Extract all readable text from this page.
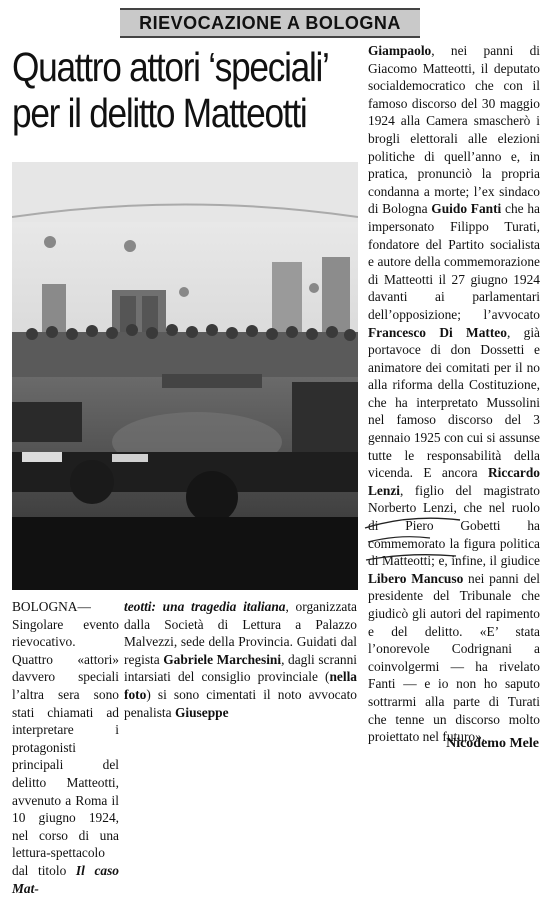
RIEVOCAZIONE A BOLOGNA
Quattro attori ‘speciali’
per il delitto Matteotti

BOLOGNA— Singolare evento rievocativo. Quattro «attori» davvero speciali l’altra sera sono stati chiamati ad interpretare i protagonisti principali del delitto Matteotti, avvenuto a Roma il 10 giugno 1924, nel corso di una lettura-spettacolo dal titolo Il caso Mat-

teotti: una tragedia italiana, organizzata dalla Società di Lettura a Palazzo Malvezzi, sede della Provincia. Guidati dal regista Gabriele Marchesini, dagli scranni intarsiati del consiglio provinciale (nella foto) si sono cimentati il noto avvocato penalista Giuseppe

Giampaolo, nei panni di Giacomo Matteotti, il deputato socialdemocratico che con il famoso discorso del 30 maggio 1924 alla Camera smascherò i brogli elettorali alle elezioni politiche di quell’anno e, in pratica, pronunciò la propria condanna a morte; l’ex sindaco di Bologna Guido Fanti che ha impersonato Filippo Turati, fondatore del Partito socialista e autore della commemorazione di Matteotti il 27 giugno 1924 davanti ai parlamentari dell’opposizione; l’avvocato Francesco Di Matteo, già portavoce di don Dossetti e animatore dei comitati per il no alla riforma della Costituzione, che ha interpretato Mussolini nel famoso discorso del 3 gennaio 1925 con cui si assunse tutte le responsabilità della vicenda. E ancora Riccardo Lenzi, figlio del magistrato Norberto Lenzi, che nel ruolo di Piero Gobetti ha commemorato la figura politica di Matteotti; e, infine, il giudice Libero Mancuso nei panni del presidente del Tribunale che giudicò gli autori del rapimento e del delitto. «E’ stata l’onorevole Codrignani a coinvolgermi — ha rivelato Fanti — e io non ho saputo sottrarmi alla parte di Turati che tenne un discorso molto proiettato nel futuro».

Nicodemo Mele
